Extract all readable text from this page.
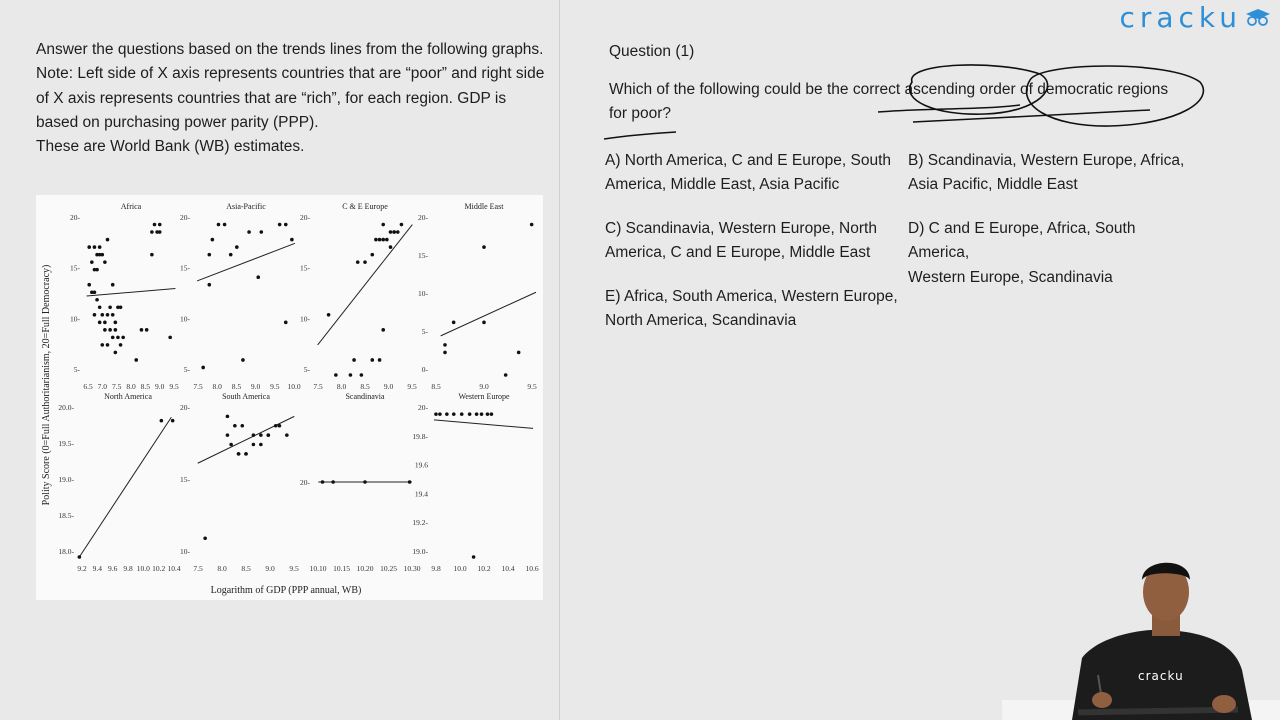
Answer the questions based on the trends lines from the following graphs.

Note: Left side of X axis represents countries that are “poor” and right side of X axis represents countries that are “rich”, for each region. GDP is based on purchasing power parity (PPP).

These are World Bank (WB) estimates.

Africa
20-
15-
10-
5-
6.5 7.0 7.5 8.0 8.5 9.0 9.5
Asia-Pacific
20-
15-
10-
5-
7.5 8.0 8.5 9.0 9.5 10.0
C & E Europe
20-
15-
10-
5-
7.5 8.0 8.5 9.0 9.5
Middle East
20-
15-
10-
5-
0-
8.5	9.0	9.5
North America
20.0-
19.5-
19.0-
18.5-
18.0-
9.2 9.4 9.6 9.8 10.0 10.2 10.4
South America
20-
15-
10-
7.5 8.0 8.5 9.0 9.5
Scandinavia
20-
10.10 10.15 10.20 10.25 10.30
Western Europe
20-
19.8-
19.6
19.4
19.2-
19.0-
9.8 10.0 10.2 10.4 10.6
Polity Score (0=Full Authoritarianism, 20=Full Democracy)
Logarithm of GDP (PPP annual, WB)
cracku
Question (1)
Which of the following could be the correct ascending order of democratic regions
for poor?
A) North America, C and E Europe, South
America, Middle East, Asia Pacific
B) Scandinavia, Western Europe, Africa,
Asia Pacific, Middle East
C) Scandinavia, Western Europe, North
America, C and E Europe, Middle East
D) C and E Europe, Africa, South America,
Western Europe, Scandinavia
E) Africa, South America, Western Europe,
North America, Scandinavia
cracku
